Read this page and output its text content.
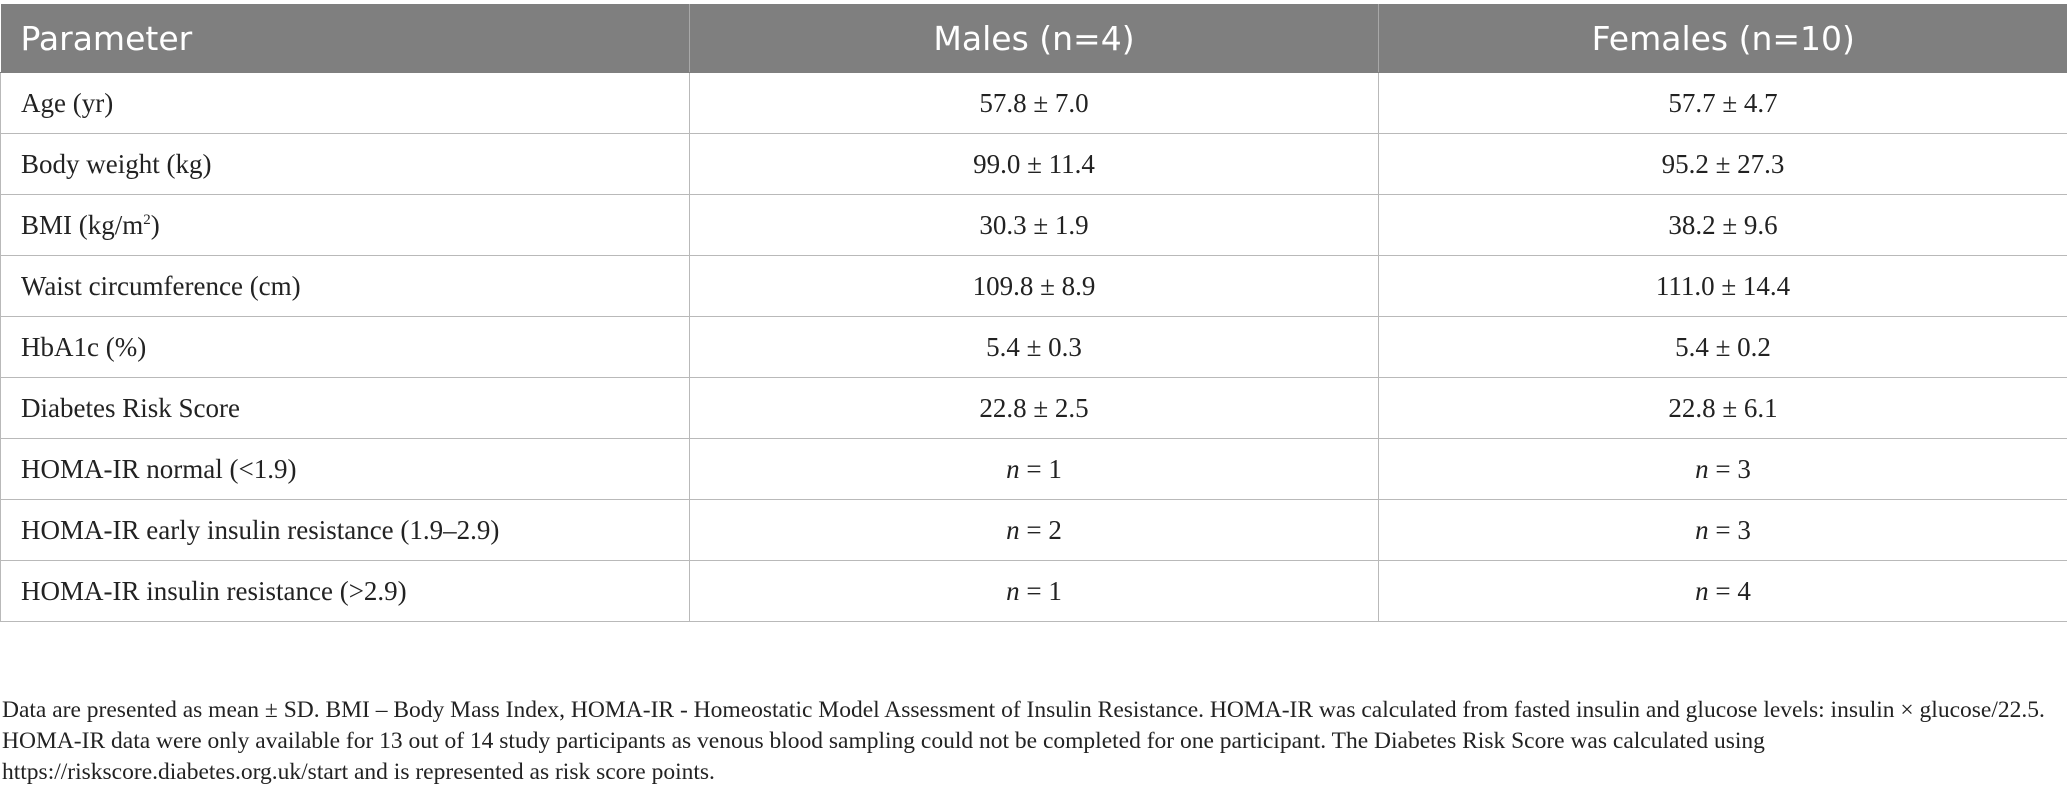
Parameter	Males (n=4)	Females (n=10)
Age (yr)	57.8 ± 7.0	57.7 ± 4.7
Body weight (kg)	99.0 ± 11.4	95.2 ± 27.3
BMI $(kg/m^2)$	30.3 ± 1.9	38.2 ± 9.6
Waist circumference (cm)	109.8 ± 8.9	111.0 ± 14.4
HbA1c (%)	5.4 ± 0.3	5.4 ± 0.2
Diabetes Risk Score	22.8 ± 2.5	22.8 ± 6.1
HOMA-IR normal (<1.9)	n = 1	n = 3
HOMA-IR early insulin resistance (1.9–2.9)	n = 2	n = 3
HOMA-IR insulin resistance (>2.9)	n = 1	n = 4
Data are presented as mean ± SD. BMI – Body Mass Index, HOMA-IR - Homeostatic Model Assessment of Insulin Resistance. HOMA-IR was calculated from fasted insulin and glucose levels: insulin × glucose/22.5. HOMA-IR data were only available for 13 out of 14 study participants as venous blood sampling could not be completed for one participant. The Diabetes Risk Score was calculated using https://riskscore.diabetes.org.uk/start and is represented as risk score points.
